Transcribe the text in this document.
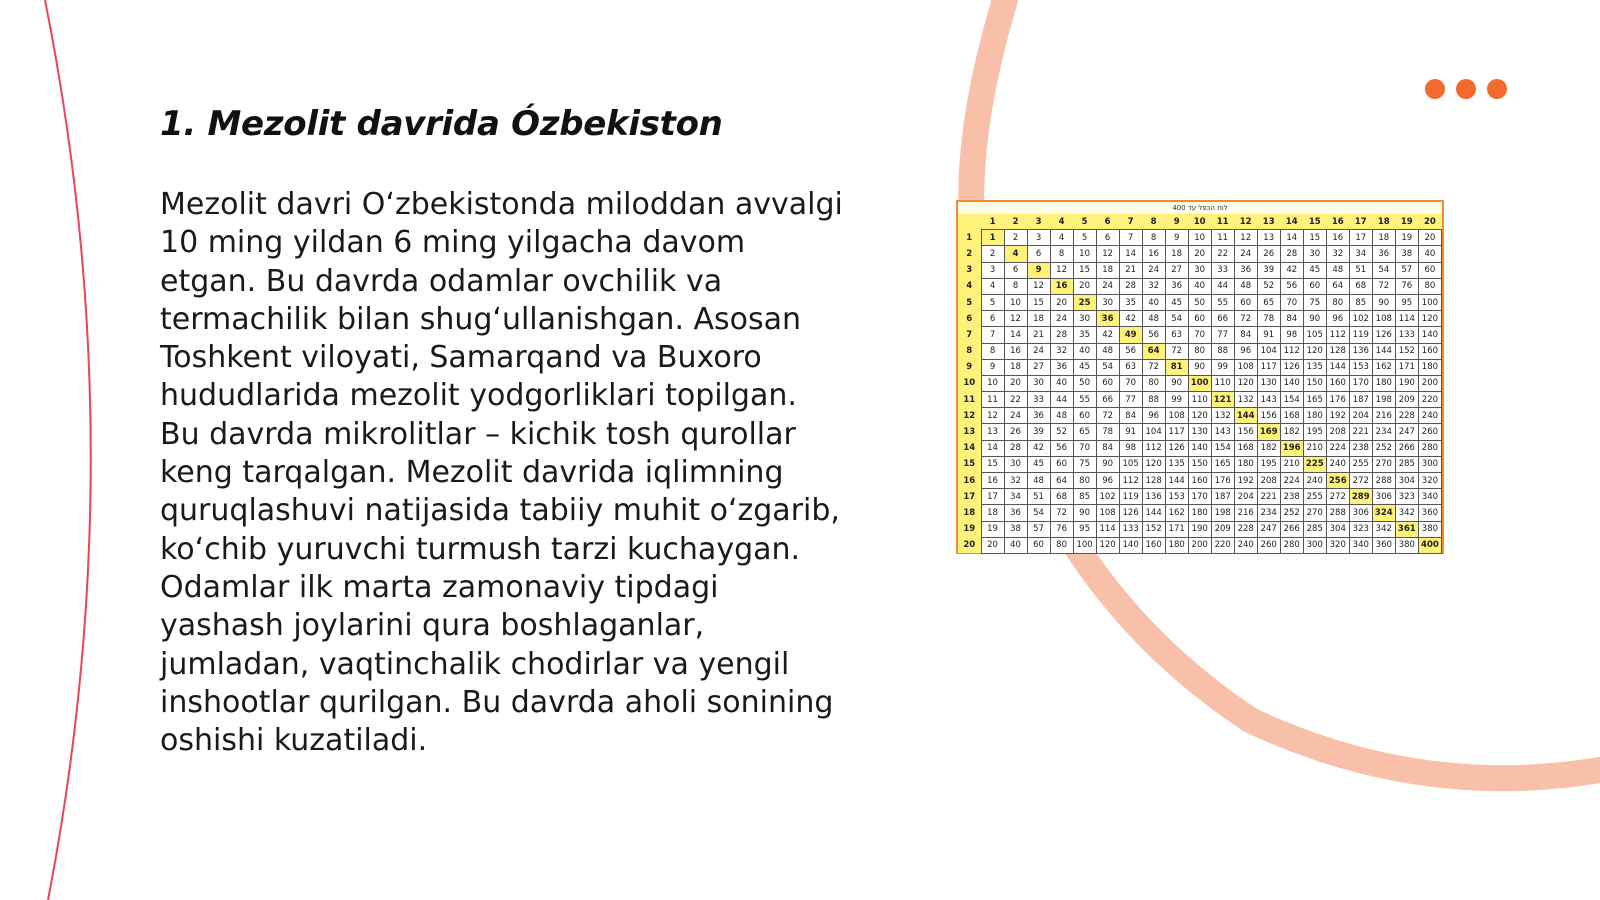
1. Mezolit davrida Ózbekiston

Mezolit davri O‘zbekistonda miloddan avvalgi
10 ming yildan 6 ming yilgacha davom
etgan. Bu davrda odamlar ovchilik va
termachilik bilan shug‘ullanishgan. Asosan
Toshkent viloyati, Samarqand va Buxoro
hududlarida mezolit yodgorliklari topilgan.
Bu davrda mikrolitlar – kichik tosh qurollar
keng tarqalgan. Mezolit davrida iqlimning
quruqlashuvi natijasida tabiiy muhit o‘zgarib,
ko‘chib yuruvchi turmush tarzi kuchaygan.
Odamlar ilk marta zamonaviy tipdagi
yashash joylarini qura boshlaganlar,
jumladan, vaqtinchalik chodirlar va yengil
inshootlar qurilgan. Bu davrda aholi sonining
oshishi kuzatiladi.

לוח הכפל עד 400
	1	2	3	4	5	6	7	8	9	10	11	12	13	14	15	16	17	18	19	20
1	1	2	3	4	5	6	7	8	9	10	11	12	13	14	15	16	17	18	19	20
2	2	4	6	8	10	12	14	16	18	20	22	24	26	28	30	32	34	36	38	40
3	3	6	9	12	15	18	21	24	27	30	33	36	39	42	45	48	51	54	57	60
4	4	8	12	16	20	24	28	32	36	40	44	48	52	56	60	64	68	72	76	80
5	5	10	15	20	25	30	35	40	45	50	55	60	65	70	75	80	85	90	95	100
6	6	12	18	24	30	36	42	48	54	60	66	72	78	84	90	96	102	108	114	120
7	7	14	21	28	35	42	49	56	63	70	77	84	91	98	105	112	119	126	133	140
8	8	16	24	32	40	48	56	64	72	80	88	96	104	112	120	128	136	144	152	160
9	9	18	27	36	45	54	63	72	81	90	99	108	117	126	135	144	153	162	171	180
10	10	20	30	40	50	60	70	80	90	100	110	120	130	140	150	160	170	180	190	200
11	11	22	33	44	55	66	77	88	99	110	121	132	143	154	165	176	187	198	209	220
12	12	24	36	48	60	72	84	96	108	120	132	144	156	168	180	192	204	216	228	240
13	13	26	39	52	65	78	91	104	117	130	143	156	169	182	195	208	221	234	247	260
14	14	28	42	56	70	84	98	112	126	140	154	168	182	196	210	224	238	252	266	280
15	15	30	45	60	75	90	105	120	135	150	165	180	195	210	225	240	255	270	285	300
16	16	32	48	64	80	96	112	128	144	160	176	192	208	224	240	256	272	288	304	320
17	17	34	51	68	85	102	119	136	153	170	187	204	221	238	255	272	289	306	323	340
18	18	36	54	72	90	108	126	144	162	180	198	216	234	252	270	288	306	324	342	360
19	19	38	57	76	95	114	133	152	171	190	209	228	247	266	285	304	323	342	361	380
20	20	40	60	80	100	120	140	160	180	200	220	240	260	280	300	320	340	360	380	400
